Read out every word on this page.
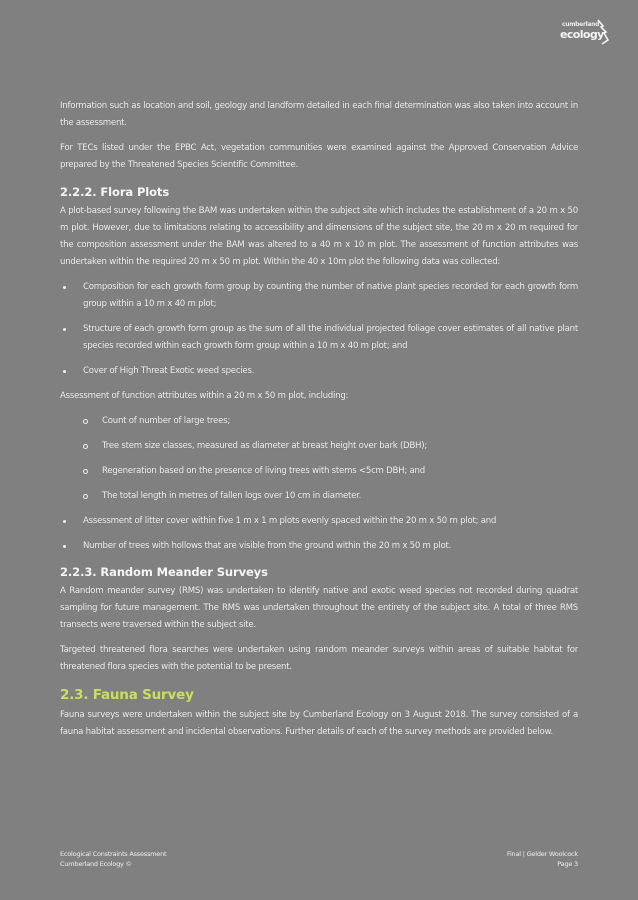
cumberland
ecology

Information such as location and soil, geology and landform detailed in each final determination was also taken into account in the assessment.

For TECs listed under the EPBC Act, vegetation communities were examined against the Approved Conservation Advice prepared by the Threatened Species Scientific Committee.

2.2.2. Flora Plots

A plot-based survey following the BAM was undertaken within the subject site which includes the establishment of a 20 m x 50 m plot. However, due to limitations relating to accessibility and dimensions of the subject site, the 20 m x 20 m required for the composition assessment under the BAM was altered to a 40 m x 10 m plot. The assessment of function attributes was undertaken within the required 20 m x 50 m plot. Within the 40 x 10m plot the following data was collected:

Composition for each growth form group by counting the number of native plant species recorded for each growth form group within a 10 m x 40 m plot;

Structure of each growth form group as the sum of all the individual projected foliage cover estimates of all native plant species recorded within each growth form group within a 10 m x 40 m plot; and

Cover of High Threat Exotic weed species.

Assessment of function attributes within a 20 m x 50 m plot, including:

Count of number of large trees;

Tree stem size classes, measured as diameter at breast height over bark (DBH);

Regeneration based on the presence of living trees with stems <5cm DBH; and

The total length in metres of fallen logs over 10 cm in diameter.

Assessment of litter cover within five 1 m x 1 m plots evenly spaced within the 20 m x 50 m plot; and

Number of trees with hollows that are visible from the ground within the 20 m x 50 m plot.

2.2.3. Random Meander Surveys

A Random meander survey (RMS) was undertaken to identify native and exotic weed species not recorded during quadrat sampling for future management. The RMS was undertaken throughout the entirety of the subject site. A total of three RMS transects were traversed within the subject site.

Targeted threatened flora searches were undertaken using random meander surveys within areas of suitable habitat for threatened flora species with the potential to be present.

2.3. Fauna Survey

Fauna surveys were undertaken within the subject site by Cumberland Ecology on 3 August 2018. The survey consisted of a fauna habitat assessment and incidental observations. Further details of each of the survey methods are provided below.

Ecological Constraints Assessment
Cumberland Ecology ©
Final | Gelder Woolcock
Page 3
